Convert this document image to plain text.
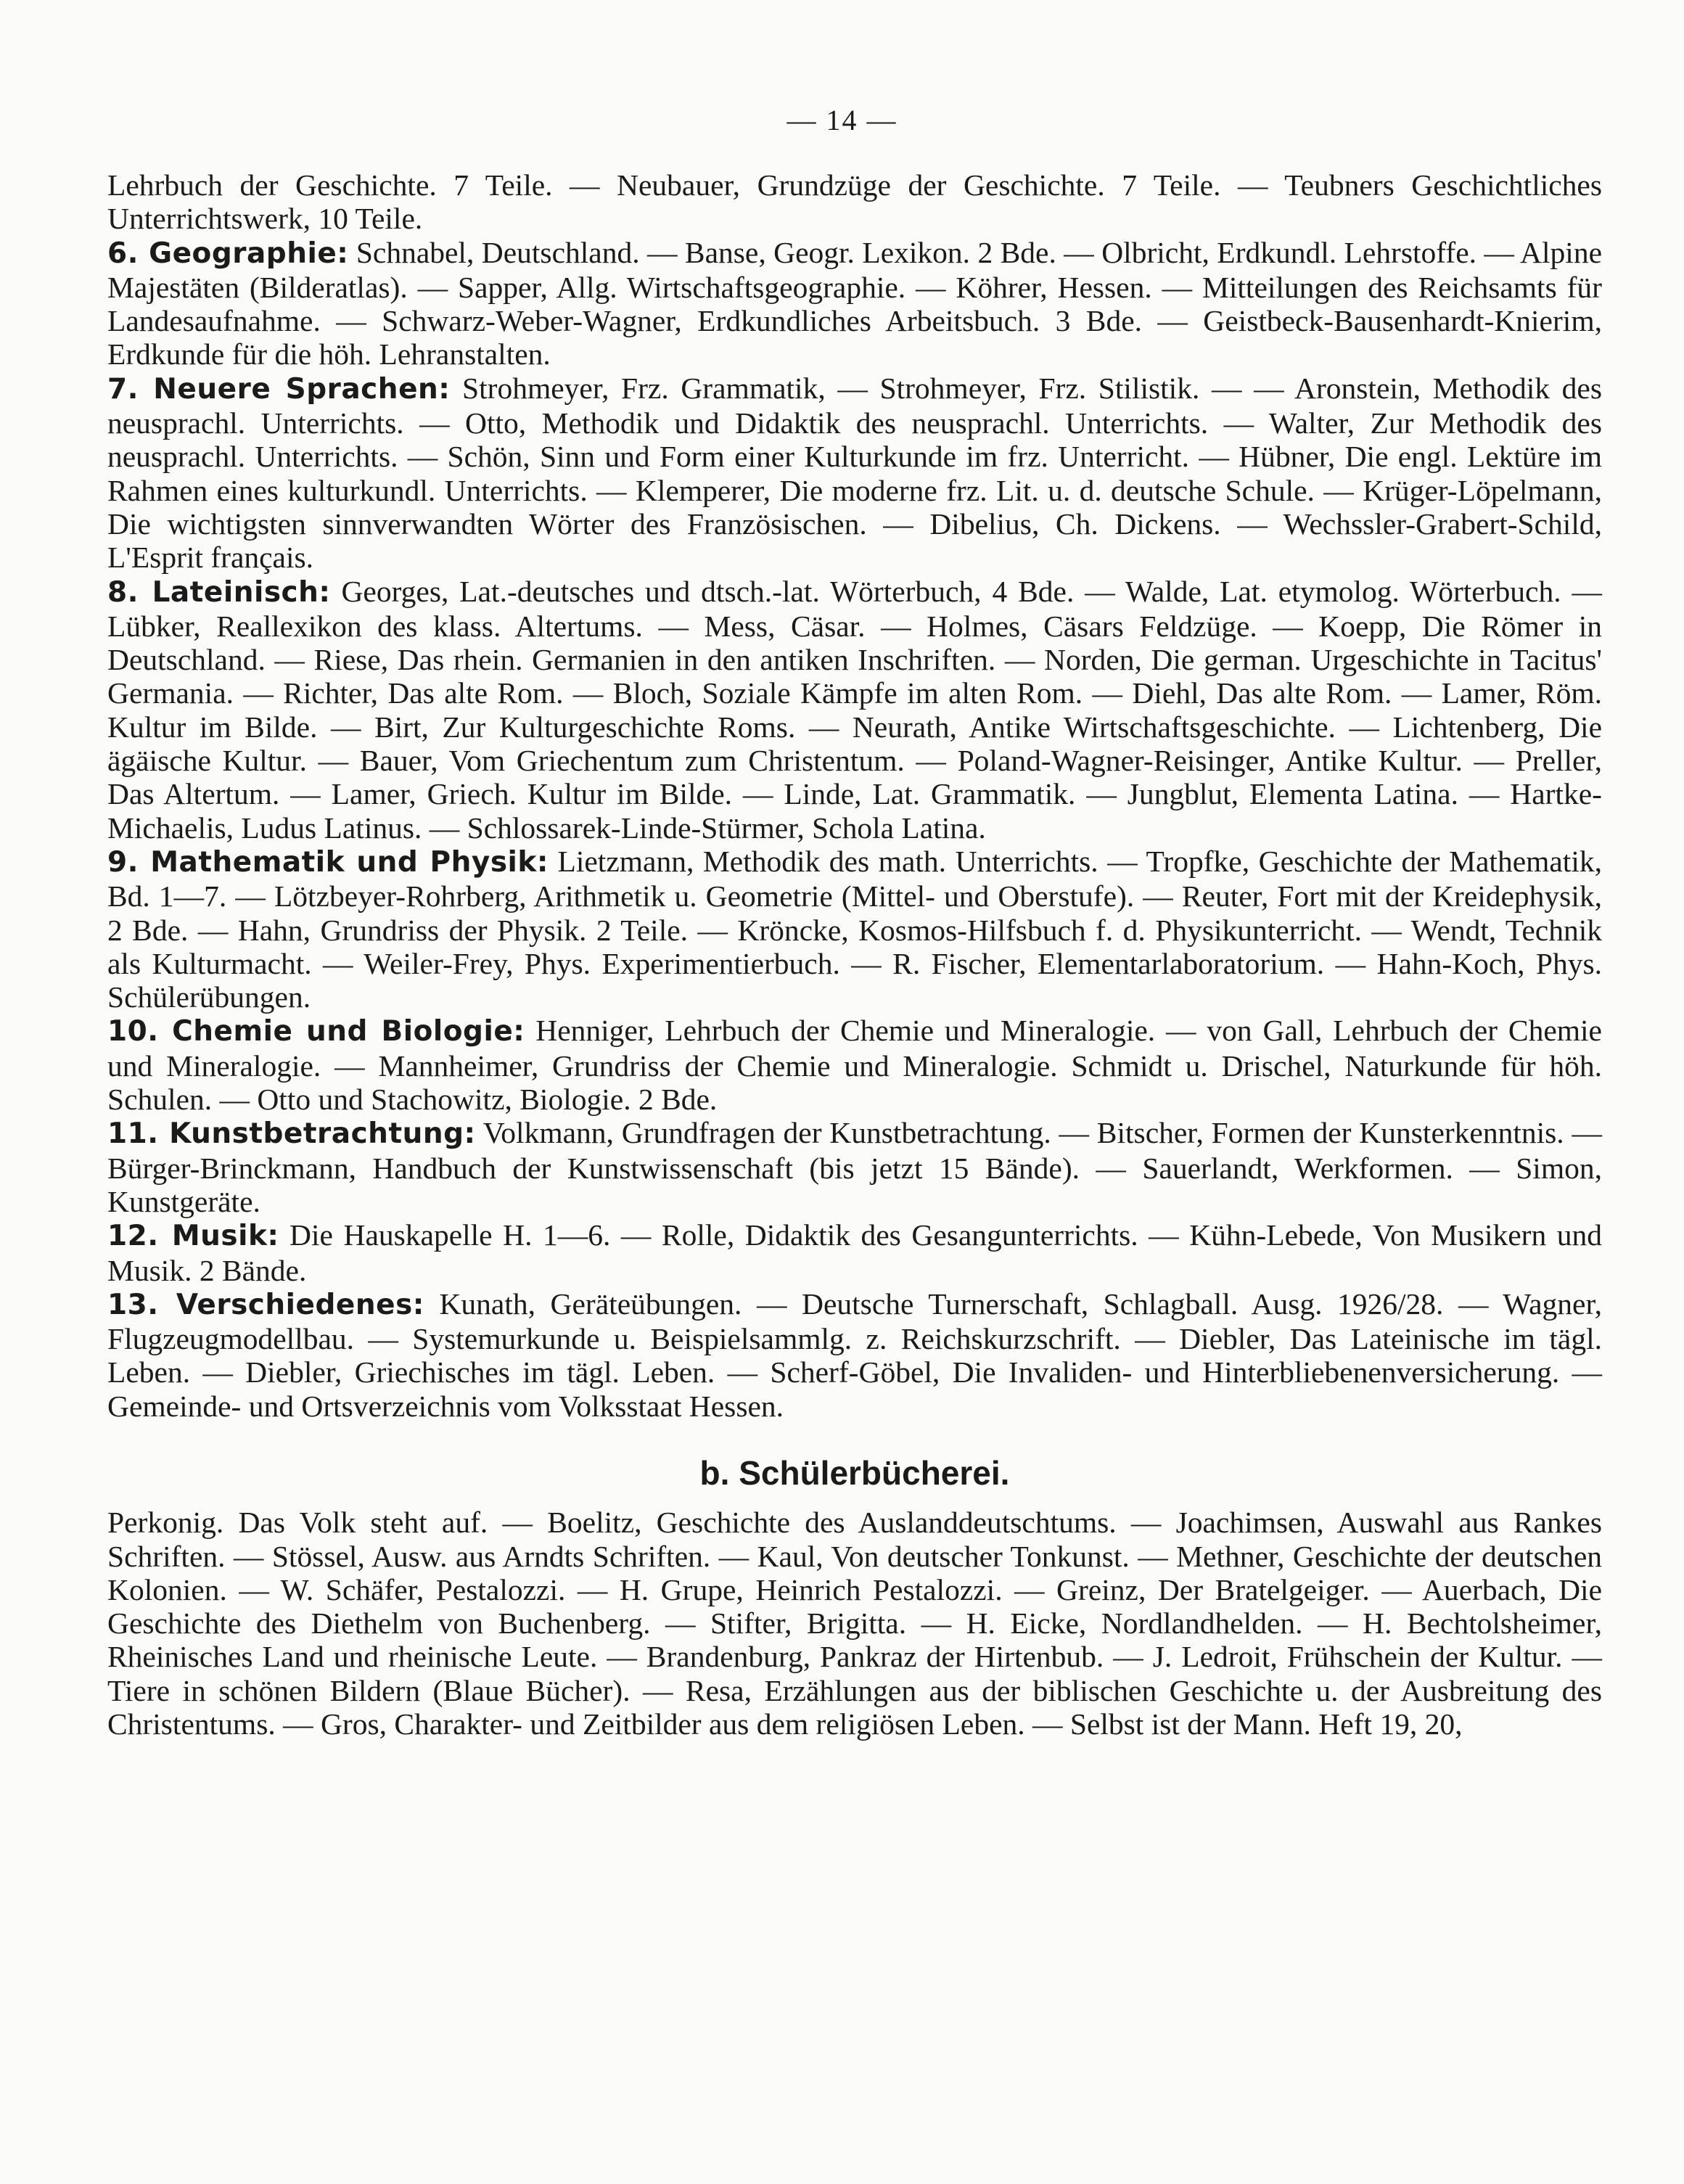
— 14 —

Lehrbuch der Geschichte. 7 Teile. — Neubauer, Grundzüge der Geschichte. 7 Teile. — Teubners Geschichtliches Unterrichtswerk, 10 Teile.

6. Geographie: Schnabel, Deutschland. — Banse, Geogr. Lexikon. 2 Bde. — Olbricht, Erdkundl. Lehrstoffe. — Alpine Majestäten (Bilderatlas). — Sapper, Allg. Wirtschaftsgeographie. — Köhrer, Hessen. — Mitteilungen des Reichsamts für Landesaufnahme. — Schwarz-Weber-Wagner, Erdkundliches Arbeitsbuch. 3 Bde. — Geistbeck-Bausenhardt-Knierim, Erdkunde für die höh. Lehranstalten.

7. Neuere Sprachen: Strohmeyer, Frz. Grammatik, — Strohmeyer, Frz. Stilistik. — — Aronstein, Methodik des neusprachl. Unterrichts. — Otto, Methodik und Didaktik des neusprachl. Unterrichts. — Walter, Zur Methodik des neusprachl. Unterrichts. — Schön, Sinn und Form einer Kulturkunde im frz. Unterricht. — Hübner, Die engl. Lektüre im Rahmen eines kulturkundl. Unterrichts. — Klemperer, Die moderne frz. Lit. u. d. deutsche Schule. — Krüger-Löpelmann, Die wichtigsten sinnverwandten Wörter des Französischen. — Dibelius, Ch. Dickens. — Wechssler-Grabert-Schild, L'Esprit français.

8. Lateinisch: Georges, Lat.-deutsches und dtsch.-lat. Wörterbuch, 4 Bde. — Walde, Lat. etymolog. Wörterbuch. — Lübker, Reallexikon des klass. Altertums. — Mess, Cäsar. — Holmes, Cäsars Feldzüge. — Koepp, Die Römer in Deutschland. — Riese, Das rhein. Germanien in den antiken Inschriften. — Norden, Die german. Urgeschichte in Tacitus' Germania. — Richter, Das alte Rom. — Bloch, Soziale Kämpfe im alten Rom. — Diehl, Das alte Rom. — Lamer, Röm. Kultur im Bilde. — Birt, Zur Kulturgeschichte Roms. — Neurath, Antike Wirtschaftsgeschichte. — Lichtenberg, Die ägäische Kultur. — Bauer, Vom Griechentum zum Christentum. — Poland-Wagner-Reisinger, Antike Kultur. — Preller, Das Altertum. — Lamer, Griech. Kultur im Bilde. — Linde, Lat. Grammatik. — Jungblut, Elementa Latina. — Hartke-Michaelis, Ludus Latinus. — Schlossarek-Linde-Stürmer, Schola Latina.

9. Mathematik und Physik: Lietzmann, Methodik des math. Unterrichts. — Tropfke, Geschichte der Mathematik, Bd. 1—7. — Lötzbeyer-Rohrberg, Arithmetik u. Geometrie (Mittel- und Oberstufe). — Reuter, Fort mit der Kreidephysik, 2 Bde. — Hahn, Grundriss der Physik. 2 Teile. — Kröncke, Kosmos-Hilfsbuch f. d. Physikunterricht. — Wendt, Technik als Kulturmacht. — Weiler-Frey, Phys. Experimentierbuch. — R. Fischer, Elementarlaboratorium. — Hahn-Koch, Phys. Schülerübungen.

10. Chemie und Biologie: Henniger, Lehrbuch der Chemie und Mineralogie. — von Gall, Lehrbuch der Chemie und Mineralogie. — Mannheimer, Grundriss der Chemie und Mineralogie. Schmidt u. Drischel, Naturkunde für höh. Schulen. — Otto und Stachowitz, Biologie. 2 Bde.

11. Kunstbetrachtung: Volkmann, Grundfragen der Kunstbetrachtung. — Bitscher, Formen der Kunsterkenntnis. — Bürger-Brinckmann, Handbuch der Kunstwissenschaft (bis jetzt 15 Bände). — Sauerlandt, Werkformen. — Simon, Kunstgeräte.

12. Musik: Die Hauskapelle H. 1—6. — Rolle, Didaktik des Gesangunterrichts. — Kühn-Lebede, Von Musikern und Musik. 2 Bände.

13. Verschiedenes: Kunath, Geräteübungen. — Deutsche Turnerschaft, Schlagball. Ausg. 1926/28. — Wagner, Flugzeugmodellbau. — Systemurkunde u. Beispielsammlg. z. Reichskurzschrift. — Diebler, Das Lateinische im tägl. Leben. — Diebler, Griechisches im tägl. Leben. — Scherf-Göbel, Die Invaliden- und Hinterbliebenenversicherung. — Gemeinde- und Ortsverzeichnis vom Volksstaat Hessen.

b. Schülerbücherei.

Perkonig. Das Volk steht auf. — Boelitz, Geschichte des Auslanddeutschtums. — Joachimsen, Auswahl aus Rankes Schriften. — Stössel, Ausw. aus Arndts Schriften. — Kaul, Von deutscher Tonkunst. — Methner, Geschichte der deutschen Kolonien. — W. Schäfer, Pestalozzi. — H. Grupe, Heinrich Pestalozzi. — Greinz, Der Bratelgeiger. — Auerbach, Die Geschichte des Diethelm von Buchenberg. — Stifter, Brigitta. — H. Eicke, Nordlandhelden. — H. Bechtolsheimer, Rheinisches Land und rheinische Leute. — Brandenburg, Pankraz der Hirtenbub. — J. Ledroit, Frühschein der Kultur. — Tiere in schönen Bildern (Blaue Bücher). — Resa, Erzählungen aus der biblischen Geschichte u. der Ausbreitung des Christentums. — Gros, Charakter- und Zeitbilder aus dem religiösen Leben. — Selbst ist der Mann. Heft 19, 20,
